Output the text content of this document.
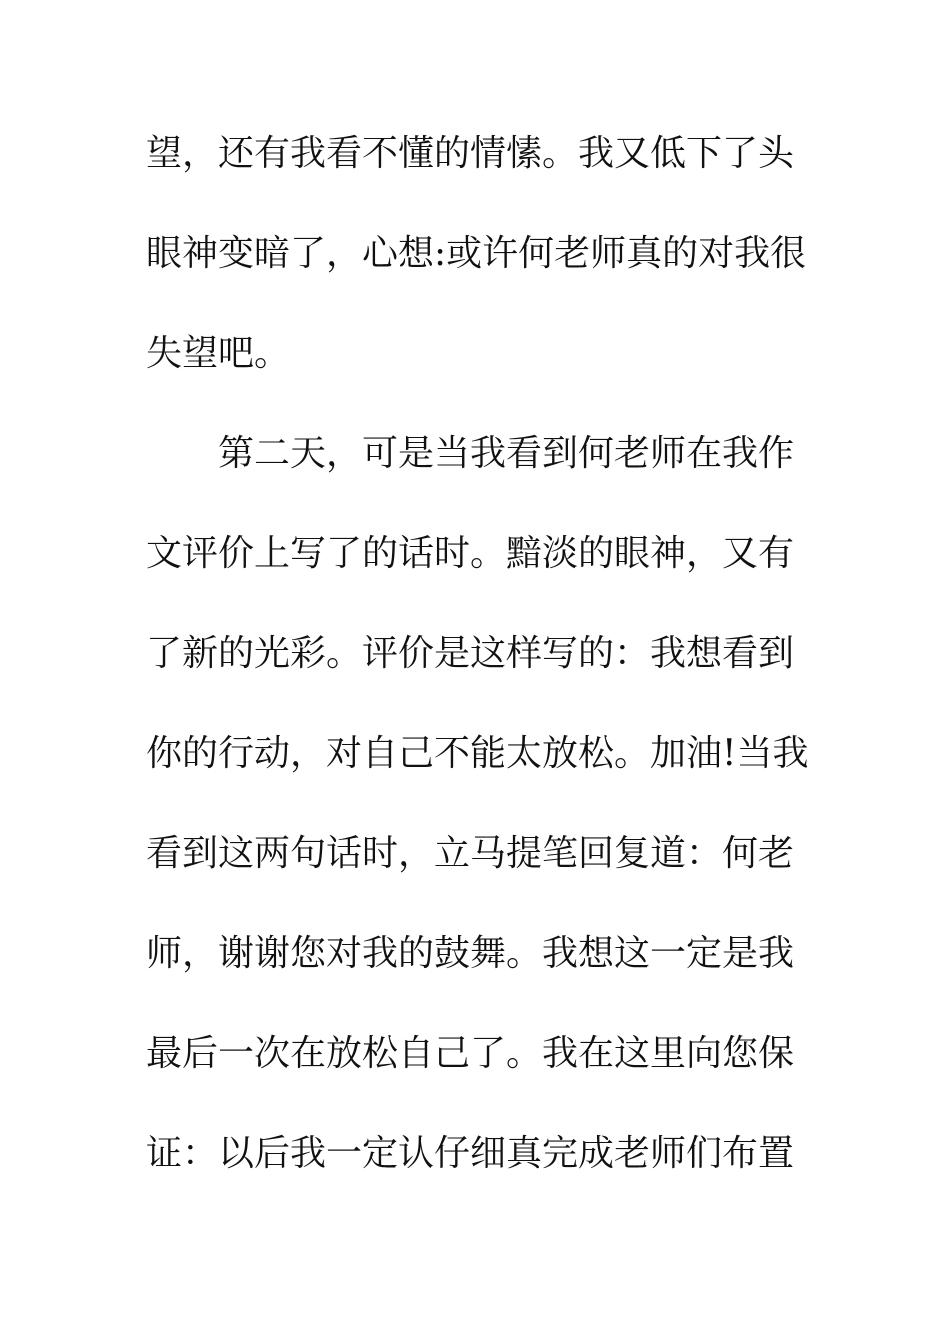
望，还有我看不懂的情愫。我又低下了头
眼神变暗了，心想:或许何老师真的对我很
失望吧。
　　第二天，可是当我看到何老师在我作
文评价上写了的话时。黯淡的眼神，又有
了新的光彩。评价是这样写的：我想看到
你的行动，对自己不能太放松。加油!当我
看到这两句话时，立马提笔回复道：何老
师，谢谢您对我的鼓舞。我想这一定是我
最后一次在放松自己了。我在这里向您保
证：以后我一定认仔细真完成老师们布置
